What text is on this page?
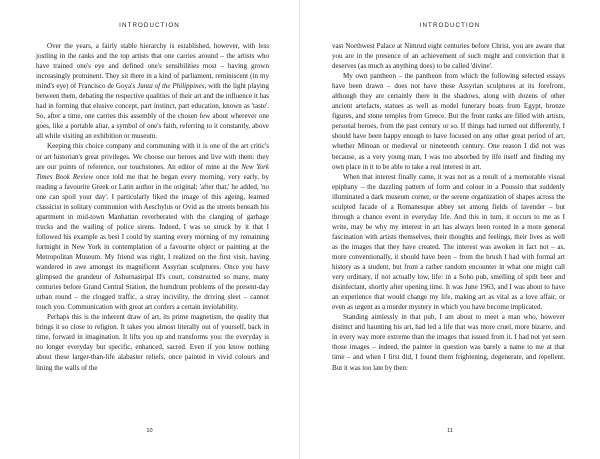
INTRODUCTION

Over the years, a fairly stable hierarchy is established, however, with less jostling in the ranks and the top artists that one carries around – the artists who have trained one's eye and defined one's sensibilities most – having grown increasingly prominent. They sit there in a kind of parliament, reminiscent (in my mind's eye) of Francisco de Goya's Junta of the Philippines, with the light playing between them, debating the respective qualities of their art and the influence it has had in forming that elusive concept, part instinct, part education, known as 'taste'. So, after a time, one carries this assembly of the chosen few about wherever one goes, like a portable altar, a symbol of one's faith, referring to it constantly, above all while visiting an exhibition or museum.

Keeping this choice company and communing with it is one of the art critic's or art historian's great privileges. We choose our heroes and live with them: they are our points of reference, our touchstones. An editor of mine at the New York Times Book Review once told me that he began every morning, very early, by reading a favourite Greek or Latin author in the original; 'after that,' he added, 'no one can spoil your day'. I particularly liked the image of this ageing, learned classicist in solitary communion with Aeschylus or Ovid as the streets beneath his apartment in mid-town Manhattan reverberated with the clanging of garbage trucks and the wailing of police sirens. Indeed, I was so struck by it that I followed his example as best I could by starting every morning of my remaining fortnight in New York in contemplation of a favourite object or painting at the Metropolitan Museum. My friend was right, I realized on the first visit, having wandered in awe amongst its magnificent Assyrian sculptures. Once you have glimpsed the grandeur of Ashurnasirpal II's court, constructed so many, many centuries before Grand Central Station, the humdrum problems of the present-day urban round – the clogged traffic, a stray incivility, the driving sleet – cannot touch you. Communication with great art confers a certain inviolability.

Perhaps this is the inherent draw of art, its prime magnetism, the quality that brings it so close to religion. It takes you almost literally out of yourself, back in time, forward in imagination. It lifts you up and transforms you: the everyday is no longer everyday but specific, enhanced, sacred. Even if you know nothing about these larger-than-life alabaster reliefs, once painted in vivid colours and lining the walls of the

10
INTRODUCTION

vast Northwest Palace at Nimrud eight centuries before Christ, you are aware that you are in the presence of an achievement of such might and conviction that it deserves (as much as anything does) to be called 'divine'.

My own pantheon – the pantheon from which the following selected essays have been drawn – does not have these Assyrian sculptures at its forefront, although they are certainly there in the shadows, along with dozens of other ancient artefacts, statues as well as model funerary boats from Egypt, bronze figures, and stone temples from Greece. But the front ranks are filled with artists, personal heroes, from the past century or so. If things had turned out differently, I should have been happy enough to have focused on any other great period of art, whether Minoan or medieval or nineteenth century. One reason I did not was because, as a very young man, I was too absorbed by life itself and finding my own place in it to be able to take a real interest in art.

When that interest finally came, it was not as a result of a memorable visual epiphany – the dazzling pattern of form and colour in a Poussin that suddenly illuminated a dark museum corner, or the serene organization of shapes across the sculpted facade of a Romanesque abbey set among fields of lavender – but through a chance event in everyday life. And this in turn, it occurs to me as I write, may be why my interest in art has always been rooted in a more general fascination with artists themselves, their thoughts and feelings, their lives as well as the images that they have created. The interest was awoken in fact not – as, more conventionally, it should have been – from the brush I had with formal art history as a student, but from a rather random encounter in what one might call very ordinary, if not actually low, life: in a Soho pub, smelling of spilt beer and disinfectant, shortly after opening time. It was June 1963, and I was about to have an experience that would change my life, making art as vital as a love affair, or even as urgent as a murder mystery in which you have become implicated.

Standing aimlessly in that pub, I am about to meet a man who, however distinct and haunting his art, had led a life that was more cruel, more bizarre, and in every way more extreme than the images that issued from it. I had not yet seen those images – indeed, the painter in question was barely a name to me at that time – and when I first did, I found them frightening, degenerate, and repellent. But it was too late by then:

11
